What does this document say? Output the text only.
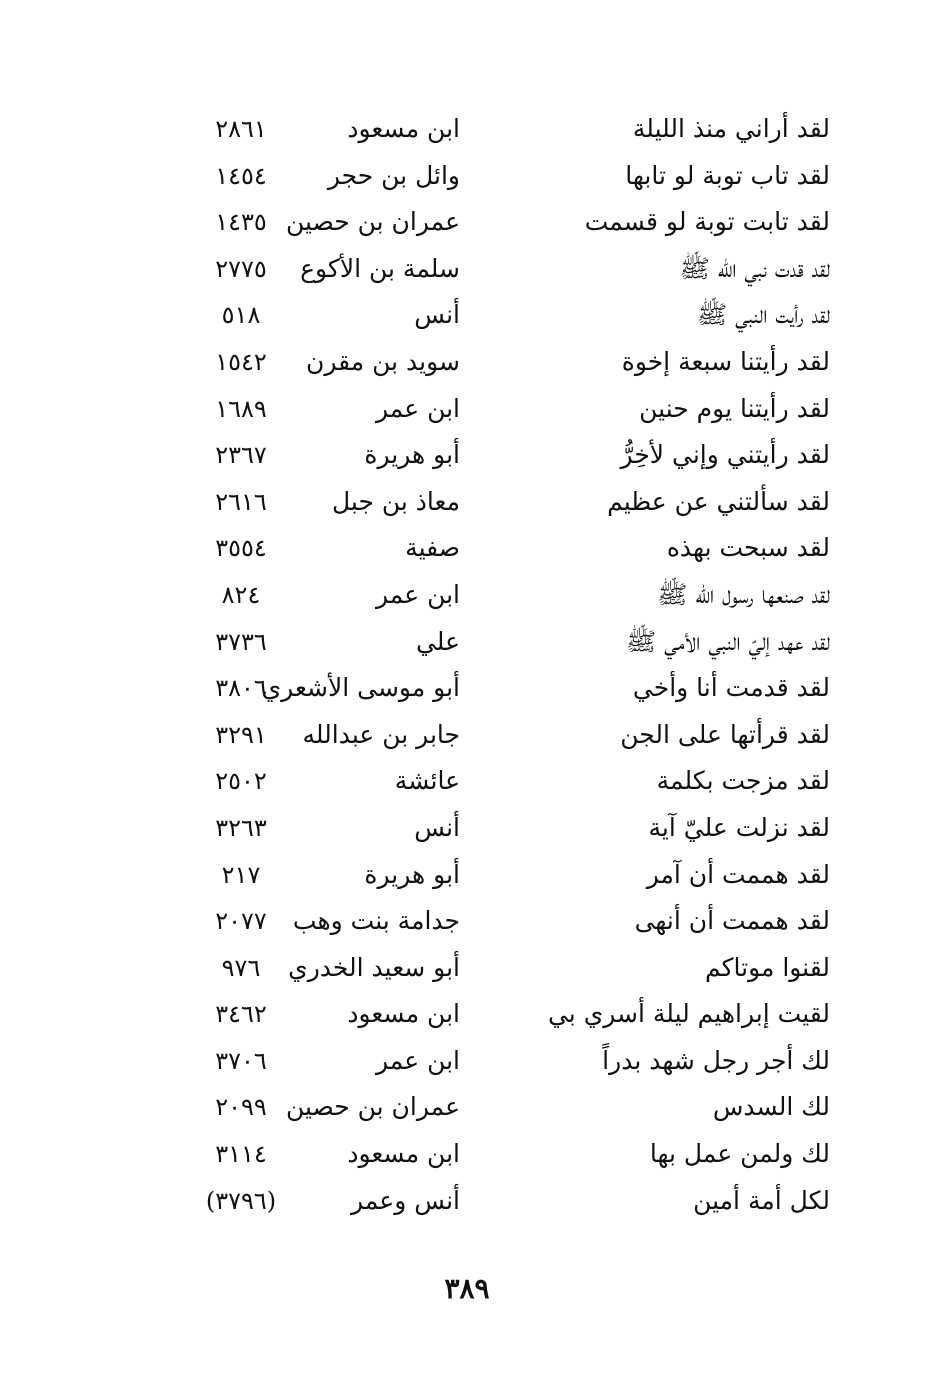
لقد أراني منذ الليلة
ابن مسعود
٢٨٦١
لقد تاب توبة لو تابها
وائل بن حجر
١٤٥٤
لقد تابت توبة لو قسمت
عمران بن حصين
١٤٣٥
لقد قدت نبي الله ﷺ
سلمة بن الأكوع
٢٧٧٥
لقد رأيت النبي ﷺ
أنس
٥١٨
لقد رأيتنا سبعة إخوة
سويد بن مقرن
١٥٤٢
لقد رأيتنا يوم حنين
ابن عمر
١٦٨٩
لقد رأيتني وإني لأخِرُّ
أبو هريرة
٢٣٦٧
لقد سألتني عن عظيم
معاذ بن جبل
٢٦١٦
لقد سبحت بهذه
صفية
٣٥٥٤
لقد صنعها رسول الله ﷺ
ابن عمر
٨٢٤
لقد عهد إليّ النبي الأمي ﷺ
علي
٣٧٣٦
لقد قدمت أنا وأخي
أبو موسى الأشعري
٣٨٠٦
لقد قرأتها على الجن
جابر بن عبدالله
٣٢٩١
لقد مزجت بكلمة
عائشة
٢٥٠٢
لقد نزلت عليّ آية
أنس
٣٢٦٣
لقد هممت أن آمر
أبو هريرة
٢١٧
لقد هممت أن أنهى
جدامة بنت وهب
٢٠٧٧
لقنوا موتاكم
أبو سعيد الخدري
٩٧٦
لقيت إبراهيم ليلة أسري بي
ابن مسعود
٣٤٦٢
لك أجر رجل شهد بدراً
ابن عمر
٣٧٠٦
لك السدس
عمران بن حصين
٢٠٩٩
لك ولمن عمل بها
ابن مسعود
٣١١٤
لكل أمة أمين
أنس وعمر
(٣٧٩٦)
٣٨٩
